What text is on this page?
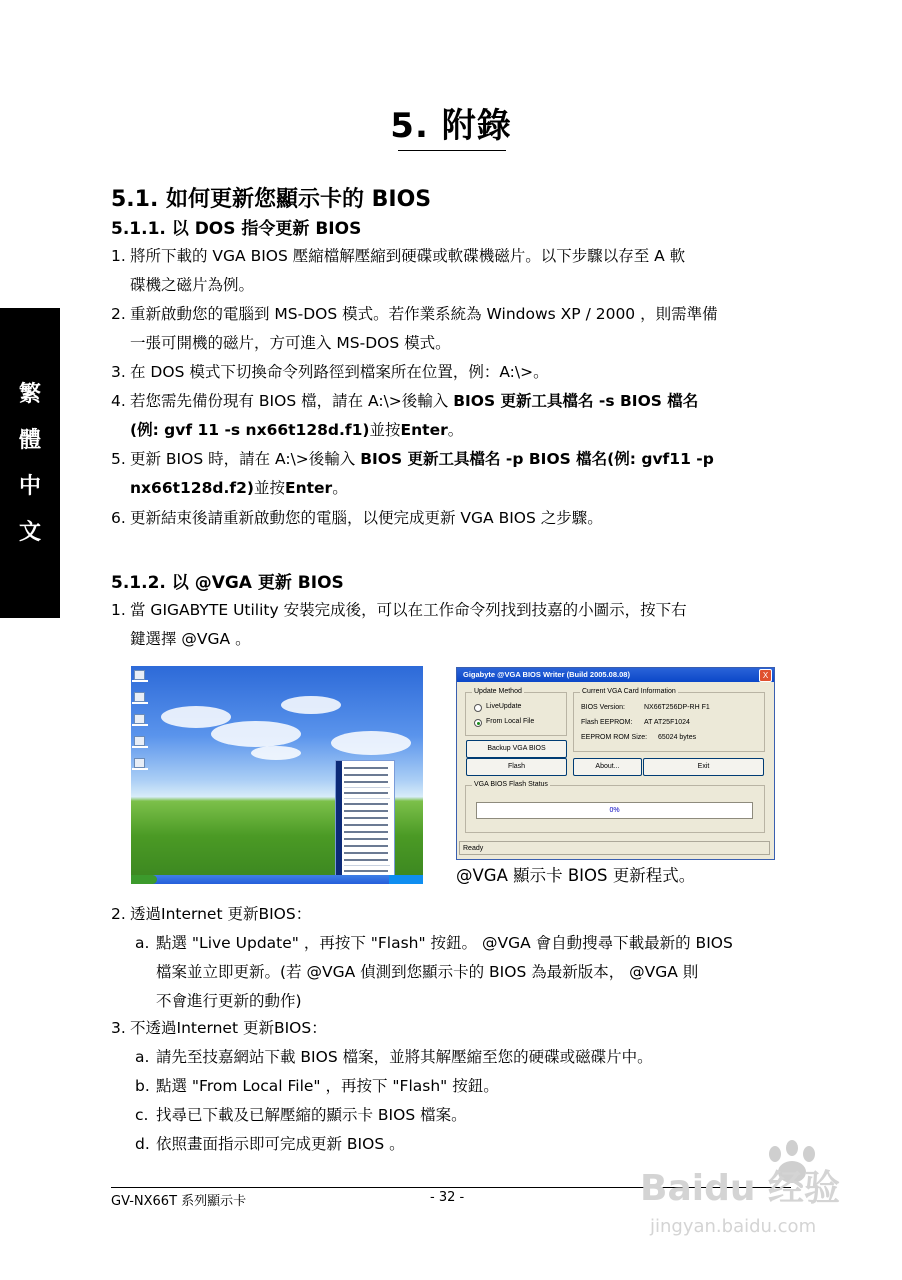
5. 附錄
繁
體
中
文
5.1. 如何更新您顯示卡的 BIOS
5.1.1. 以 DOS 指令更新 BIOS
1. 將所下載的 VGA BIOS 壓縮檔解壓縮到硬碟或軟碟機磁片。以下步驟以存至 A 軟
碟機之磁片為例。
2. 重新啟動您的電腦到 MS-DOS 模式。若作業系統為 Windows XP / 2000 ，則需準備
一張可開機的磁片，方可進入 MS-DOS 模式。
3. 在 DOS 模式下切換命令列路徑到檔案所在位置，例：A:\>。
4. 若您需先備份現有 BIOS 檔，請在 A:\>後輸入 BIOS 更新工具檔名 -s BIOS 檔名
(例: gvf 11 -s nx66t128d.f1)並按Enter。
5. 更新 BIOS 時，請在 A:\>後輸入 BIOS 更新工具檔名 -p BIOS 檔名(例: gvf11 -p
nx66t128d.f2)並按Enter。
6. 更新結束後請重新啟動您的電腦，以便完成更新 VGA BIOS 之步驟。
5.1.2. 以 @VGA 更新 BIOS
1. 當 GIGABYTE Utility 安裝完成後，可以在工作命令列找到技嘉的小圖示，按下右
鍵選擇 @VGA 。
Gigabyte @VGA BIOS Writer (Build 2005.08.08)	X
Update Method
LiveUpdate
From Local File
Current VGA Card Information
BIOS Version:	NX66T256DP-RH F1
Flash EEPROM: AT AT25F1024
EEPROM ROM Size: 65024 bytes
Backup VGA BIOS
Flash	About...	Exit
VGA BIOS Flash Status
0%
Ready
@VGA 顯示卡 BIOS 更新程式。
2. 透過Internet 更新BIOS：
a. 點選 "Live Update" ，再按下 "Flash" 按鈕。 @VGA 會自動搜尋下載最新的 BIOS
檔案並立即更新。(若 @VGA 偵測到您顯示卡的 BIOS 為最新版本， @VGA 則
不會進行更新的動作)
3. 不透過Internet 更新BIOS：
a. 請先至技嘉網站下載 BIOS 檔案，並將其解壓縮至您的硬碟或磁碟片中。
b. 點選 "From Local File" ，再按下 "Flash" 按鈕。
c. 找尋已下載及已解壓縮的顯示卡 BIOS 檔案。
d. 依照畫面指示即可完成更新 BIOS 。
GV-NX66T 系列顯示卡	- 32 -	Baidu 经验
jingyan.baidu.com
